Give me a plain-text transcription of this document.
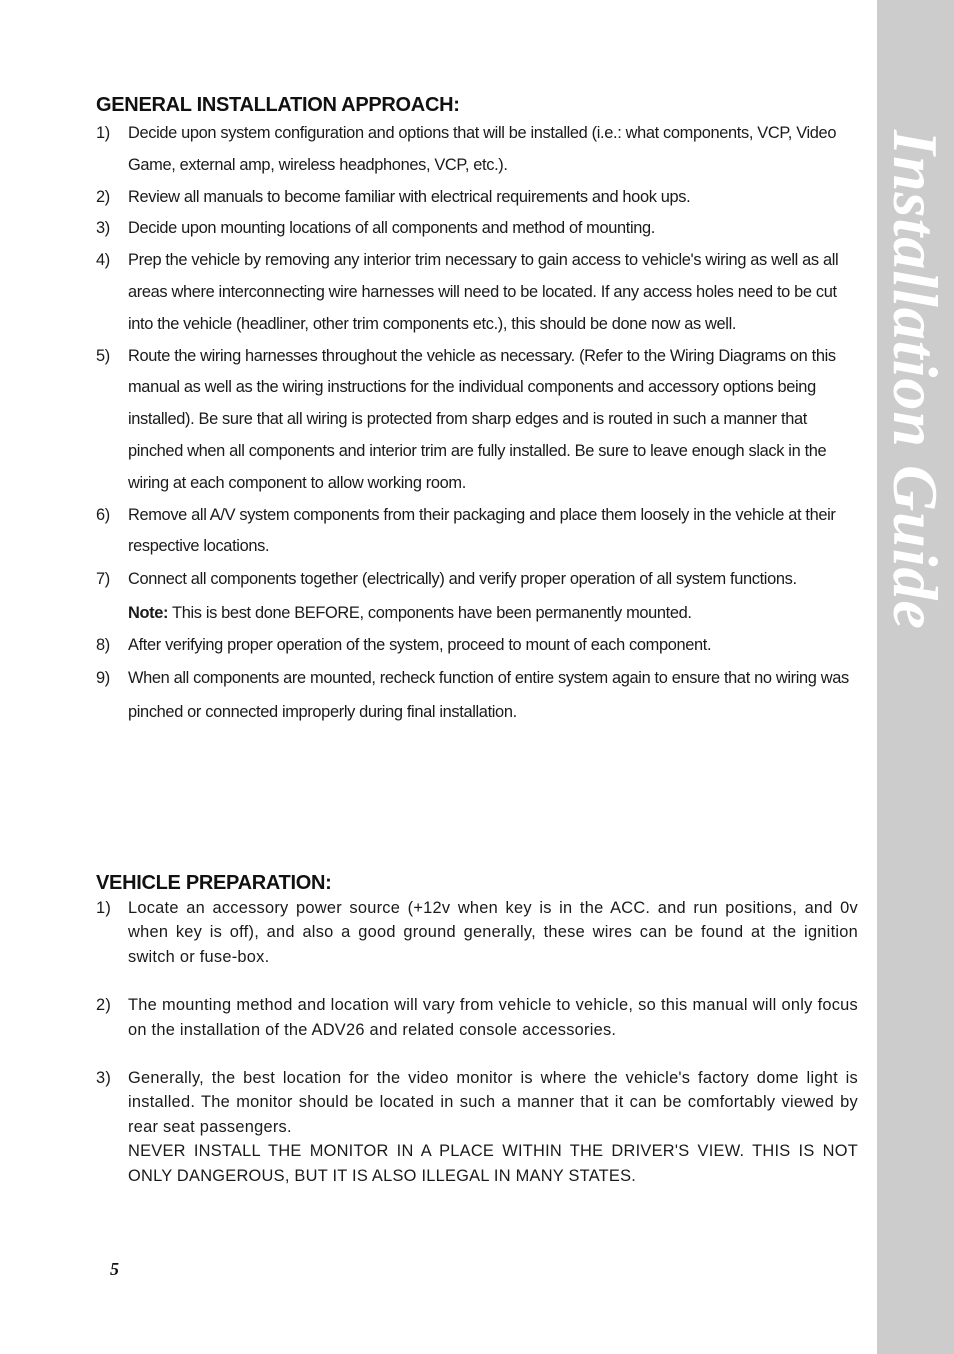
Installation Guide
GENERAL INSTALLATION APPROACH:
1) Decide upon system configuration and options that will be installed (i.e.: what components, VCP, Video Game, external amp, wireless headphones, VCP, etc.).
2) Review all manuals to become familiar with electrical requirements and hook ups.
3) Decide upon mounting locations of all components and method of mounting.
4) Prep the vehicle by removing any interior trim necessary to gain access to vehicle's wiring as well as all areas where interconnecting wire harnesses will need to be located. If any access holes need to be cut into the vehicle (headliner, other trim components etc.), this should be done now as well.
5) Route the wiring harnesses throughout the vehicle as necessary. (Refer to the Wiring Diagrams on this manual as well as the wiring instructions for the individual components and accessory options being installed). Be sure that all wiring is protected from sharp edges and is routed in such a manner that pinched when all components and interior trim are fully installed. Be sure to leave enough slack in the wiring at each component to allow working room.
6) Remove all A/V system components from their packaging and place them loosely in the vehicle at their respective locations.
7) Connect all components together (electrically) and verify proper operation of all system functions.
Note: This is best done BEFORE, components have been permanently mounted.
8) After verifying proper operation of the system, proceed to mount of each component.
9) When all components are mounted, recheck function of entire system again to ensure that no wiring was pinched or connected improperly during final installation.
VEHICLE PREPARATION:
1) Locate an accessory power source (+12v when key is in the ACC. and run positions, and 0v when key is off), and also a good ground generally, these wires can be found at the ignition switch or fuse-box.
2) The mounting method and location will vary from vehicle to vehicle, so this manual will only focus on the installation of the ADV26 and related console accessories.
3) Generally, the best location for the video monitor is where the vehicle's factory dome light is installed. The monitor should be located in such a manner that it can be comfortably viewed by rear seat passengers.
NEVER INSTALL THE MONITOR IN A PLACE WITHIN THE DRIVER'S VIEW. THIS IS NOT ONLY DANGEROUS, BUT IT IS ALSO ILLEGAL IN MANY STATES.
5
